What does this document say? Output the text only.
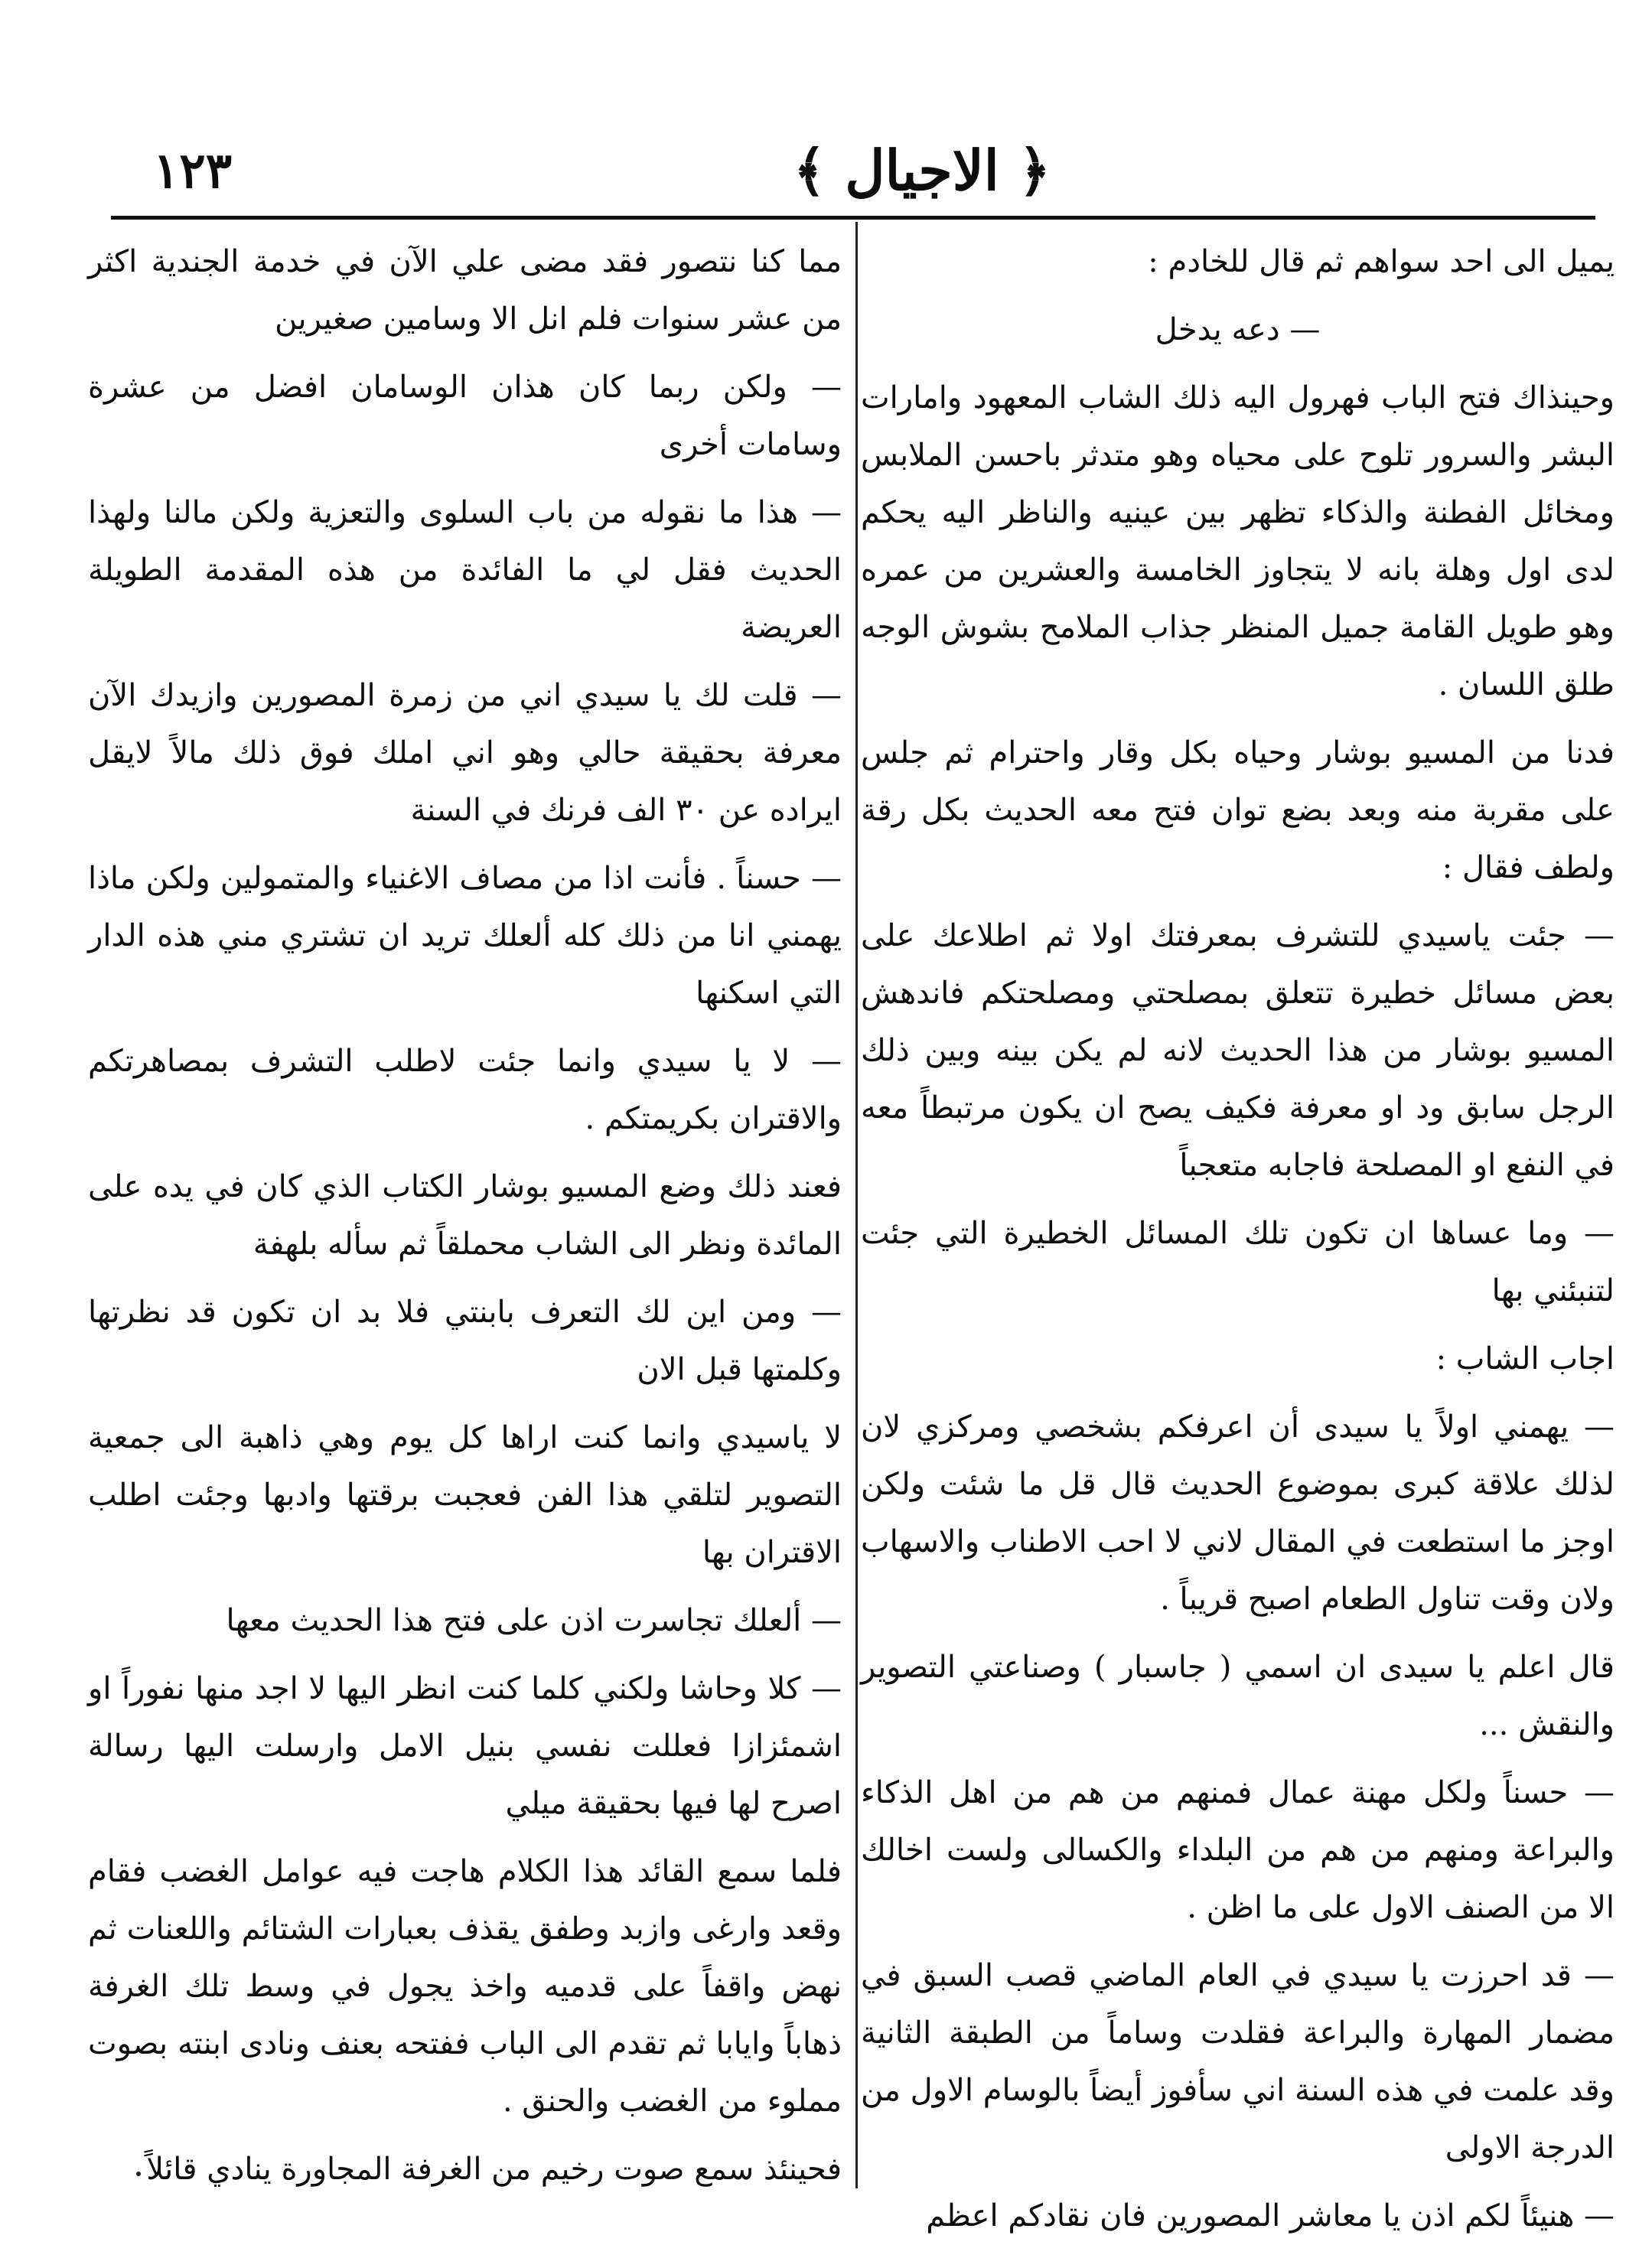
١٢٣	﴿ الاجيال ﴾

يميل الى احد سواهم ثم قال للخادم :

— دعه يدخل

وحينذاك فتح الباب فهرول اليه ذلك الشاب المعهود وامارات البشر والسرور تلوح على محياه وهو متدثر باحسن الملابس ومخائل الفطنة والذكاء تظهر بين عينيه والناظر اليه يحكم لدى اول وهلة بانه لا يتجاوز الخامسة والعشرين من عمره وهو طويل القامة جميل المنظر جذاب الملامح بشوش الوجه طلق اللسان .

فدنا من المسيو بوشار وحياه بكل وقار واحترام ثم جلس على مقربة منه وبعد بضع توان فتح معه الحديث بكل رقة ولطف فقال :

— جئت ياسيدي للتشرف بمعرفتك اولا ثم اطلاعك على بعض مسائل خطيرة تتعلق بمصلحتي ومصلحتكم فاندهش المسيو بوشار من هذا الحديث لانه لم يكن بينه وبين ذلك الرجل سابق ود او معرفة فكيف يصح ان يكون مرتبطاً معه في النفع او المصلحة فاجابه متعجباً

— وما عساها ان تكون تلك المسائل الخطيرة التي جئت لتنبئني بها

اجاب الشاب :

— يهمني اولاً يا سيدى أن اعرفكم بشخصي ومركزي لان لذلك علاقة كبرى بموضوع الحديث قال قل ما شئت ولكن اوجز ما استطعت في المقال لاني لا احب الاطناب والاسهاب ولان وقت تناول الطعام اصبح قريباً .

قال اعلم يا سيدى ان اسمي ( جاسبار ) وصناعتي التصوير والنقش ...

— حسناً ولكل مهنة عمال فمنهم من هم من اهل الذكاء والبراعة ومنهم من هم من البلداء والكسالى ولست اخالك الا من الصنف الاول على ما اظن .

— قد احرزت يا سيدي في العام الماضي قصب السبق في مضمار المهارة والبراعة فقلدت وساماً من الطبقة الثانية وقد علمت في هذه السنة اني سأفوز أيضاً بالوسام الاول من الدرجة الاولى

— هنيئاً لكم اذن يا معاشر المصورين فان نقادكم اعظم

مما كنا نتصور فقد مضى علي الآن في خدمة الجندية اكثر من عشر سنوات فلم انل الا وسامين صغيرين

— ولكن ربما كان هذان الوسامان افضل من عشرة وسامات أخرى

— هذا ما نقوله من باب السلوى والتعزية ولكن مالنا ولهذا الحديث فقل لي ما الفائدة من هذه المقدمة الطويلة العريضة

— قلت لك يا سيدي اني من زمرة المصورين وازيدك الآن معرفة بحقيقة حالي وهو اني املك فوق ذلك مالاً لايقل ايراده عن ٣٠ الف فرنك في السنة

— حسناً . فأنت اذا من مصاف الاغنياء والمتمولين ولكن ماذا يهمني انا من ذلك كله ألعلك تريد ان تشتري مني هذه الدار التي اسكنها

— لا يا سيدي وانما جئت لاطلب التشرف بمصاهرتكم والاقتران بكريمتكم .

فعند ذلك وضع المسيو بوشار الكتاب الذي كان في يده على المائدة ونظر الى الشاب محملقاً ثم سأله بلهفة

— ومن اين لك التعرف بابنتي فلا بد ان تكون قد نظرتها وكلمتها قبل الان

لا ياسيدي وانما كنت اراها كل يوم وهي ذاهبة الى جمعية التصوير لتلقي هذا الفن فعجبت برقتها وادبها وجئت اطلب الاقتران بها

— ألعلك تجاسرت اذن على فتح هذا الحديث معها

— كلا وحاشا ولكني كلما كنت انظر اليها لا اجد منها نفوراً او اشمئزازا فعللت نفسي بنيل الامل وارسلت اليها رسالة اصرح لها فيها بحقيقة ميلي

فلما سمع القائد هذا الكلام هاجت فيه عوامل الغضب فقام وقعد وارغى وازبد وطفق يقذف بعبارات الشتائم واللعنات ثم نهض واقفاً على قدميه واخذ يجول في وسط تلك الغرفة ذهاباً وايابا ثم تقدم الى الباب ففتحه بعنف ونادى ابنته بصوت مملوء من الغضب والحنق .

فحينئذ سمع صوت رخيم من الغرفة المجاورة ينادي قائلاً
